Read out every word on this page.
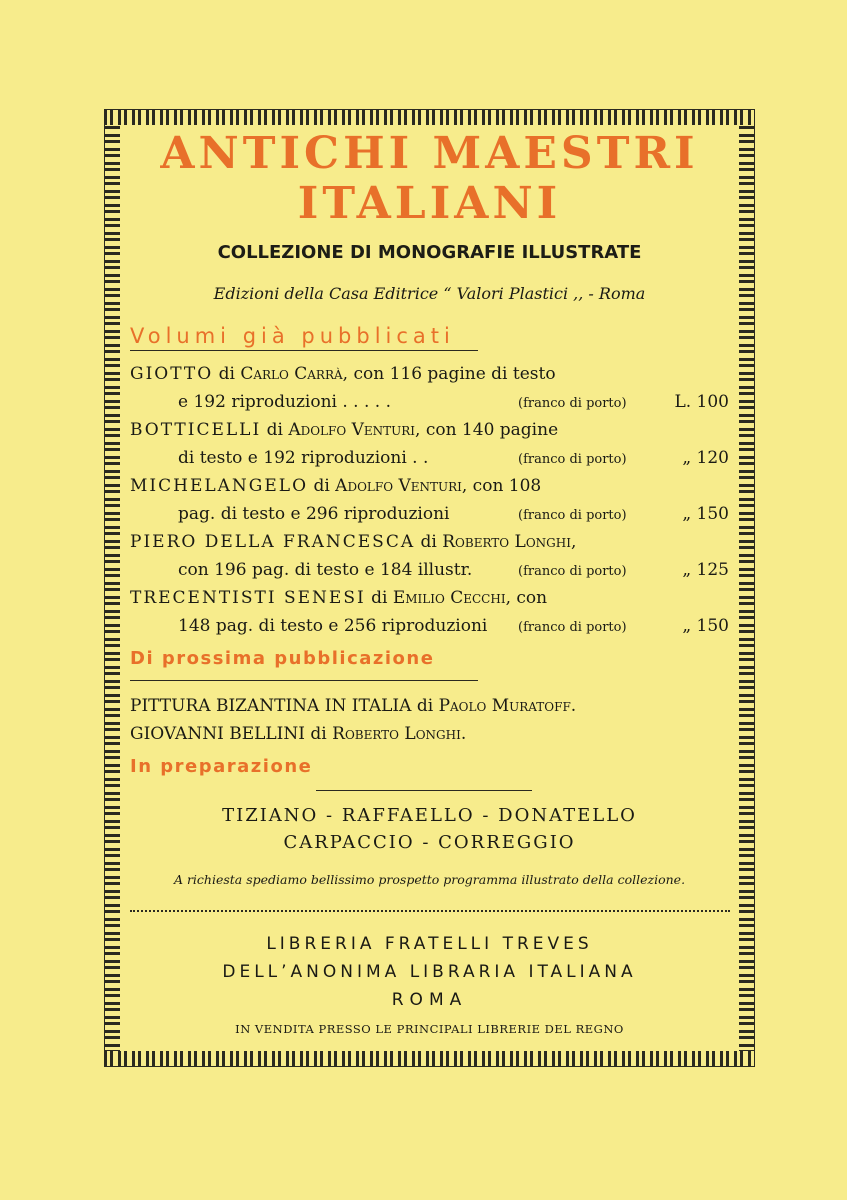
ANTICHI MAESTRI
ITALIANI
COLLEZIONE DI MONOGRAFIE ILLUSTRATE
Edizioni della Casa Editrice “ Valori Plastici ,, - Roma
Volumi già pubblicati
GIOTTO di Carlo Carrà, con 116 pagine di testo
e 192 riproduzioni . . . . .	(franco di porto)	L. 100
BOTTICELLI di Adolfo Venturi, con 140 pagine
di testo e 192 riproduzioni . .	(franco di porto)	„ 120
MICHELANGELO di Adolfo Venturi, con 108
pag. di testo e 296 riproduzioni	(franco di porto)	„ 150
PIERO DELLA FRANCESCA di Roberto Longhi,
con 196 pag. di testo e 184 illustr.	(franco di porto)	„ 125
TRECENTISTI SENESI di Emilio Cecchi, con
148 pag. di testo e 256 riproduzioni (franco di porto)	„ 150
Di prossima pubblicazione
PITTURA BIZANTINA IN ITALIA di Paolo Muratoff.
GIOVANNI BELLINI di Roberto Longhi.
In preparazione
TIZIANO - RAFFAELLO - DONATELLO
CARPACCIO - CORREGGIO
A richiesta spediamo bellissimo prospetto programma illustrato della collezione.
LIBRERIA FRATELLI TREVES
DELL’ANONIMA LIBRARIA ITALIANA
ROMA
IN VENDITA PRESSO LE PRINCIPALI LIBRERIE DEL REGNO
